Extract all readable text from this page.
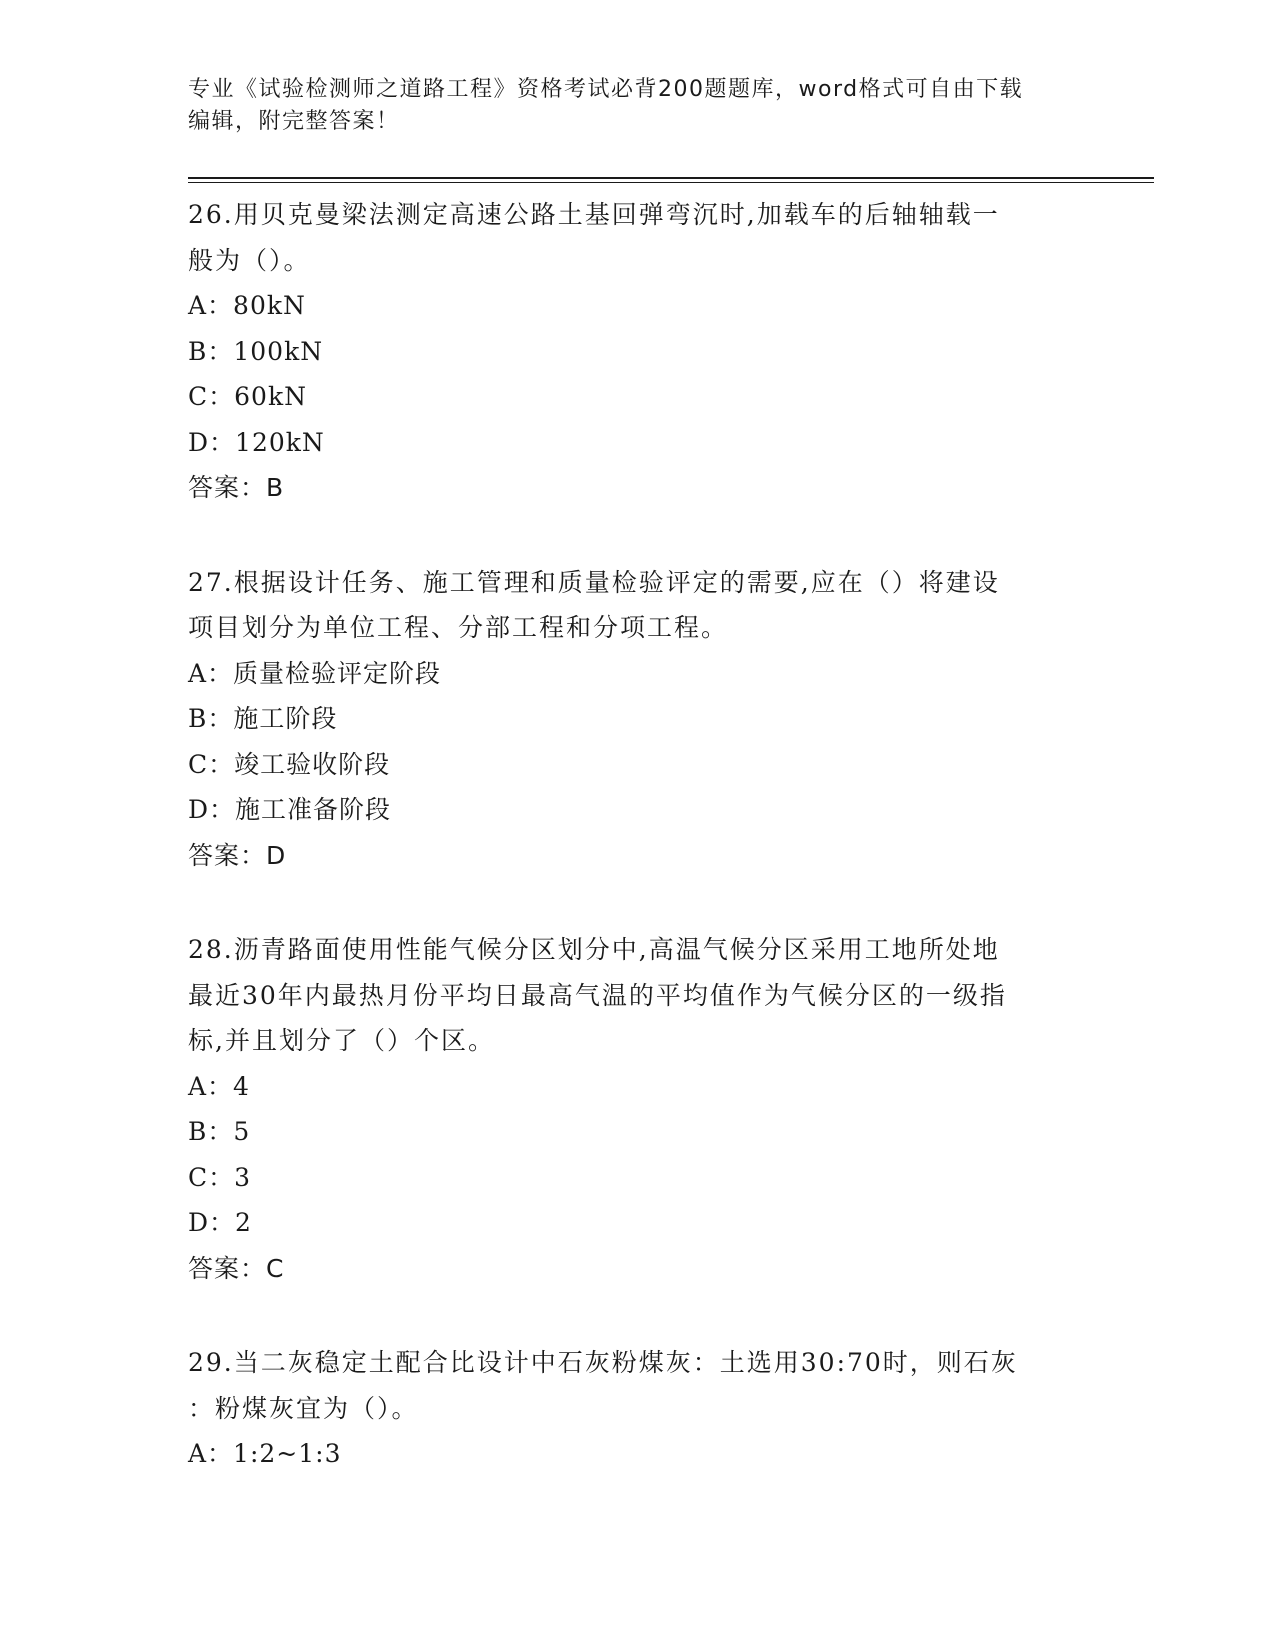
专业《试验检测师之道路工程》资格考试必背200题题库，word格式可自由下载
编辑，附完整答案！

26.用贝克曼梁法测定高速公路土基回弹弯沉时,加载车的后轴轴载一

般为（）。

A：80kN

B：100kN

C：60kN

D：120kN

答案：B

27.根据设计任务、施工管理和质量检验评定的需要,应在（）将建设

项目划分为单位工程、分部工程和分项工程。

A：质量检验评定阶段

B：施工阶段

C：竣工验收阶段

D：施工准备阶段

答案：D

28.沥青路面使用性能气候分区划分中,高温气候分区采用工地所处地

最近30年内最热月份平均日最高气温的平均值作为气候分区的一级指

标,并且划分了（）个区。

A：4

B：5

C：3

D：2

答案：C

29.当二灰稳定土配合比设计中石灰粉煤灰：土选用30:70时，则石灰

：粉煤灰宜为（）。

A：1:2~1:3
